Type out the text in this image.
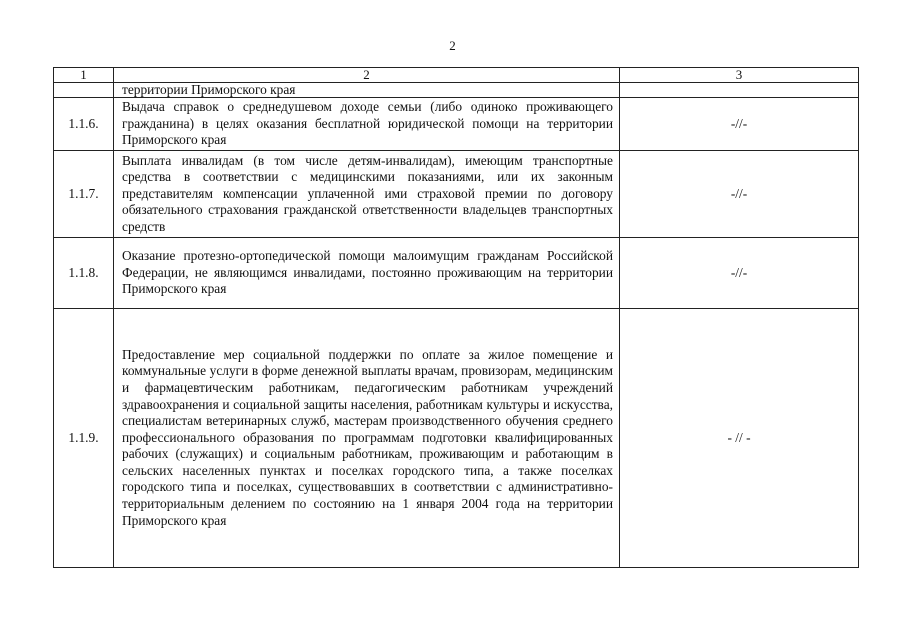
2
1	2	3
	территории Приморского края	
1.1.6.	Выдача справок о среднедушевом доходе семьи (либо одиноко проживающего гражданина) в целях оказания бесплатной юридической помощи на территории Приморского края	-//-
1.1.7.	Выплата инвалидам (в том числе детям-инвалидам), имеющим транспортные средства в соответствии с медицинскими показаниями, или их законным представителям компенсации уплаченной ими страховой премии по договору обязательного страхования гражданской ответственности владельцев транспортных средств	-//-
1.1.8.	Оказание протезно-ортопедической помощи малоимущим гражданам Российской Федерации, не являющимся инвалидами, постоянно проживающим на территории Приморского края	-//-
1.1.9.	Предоставление мер социальной поддержки по оплате за жилое помещение и коммунальные услуги в форме денежной выплаты врачам, провизорам, медицинским и фармацевтическим работникам, педагогическим работникам учреждений здравоохранения и социальной защиты населения, работникам культуры и искусства, специалистам ветеринарных служб, мастерам производственного обучения среднего профессионального образования по программам подготовки квалифицированных рабочих (служащих) и социальным работникам, проживающим и работающим в сельских населенных пунктах и поселках городского типа, а также поселках городского типа и поселках, существовавших в соответствии с административно-территориальным делением по состоянию на 1 января 2004 года на территории Приморского края	- // -
